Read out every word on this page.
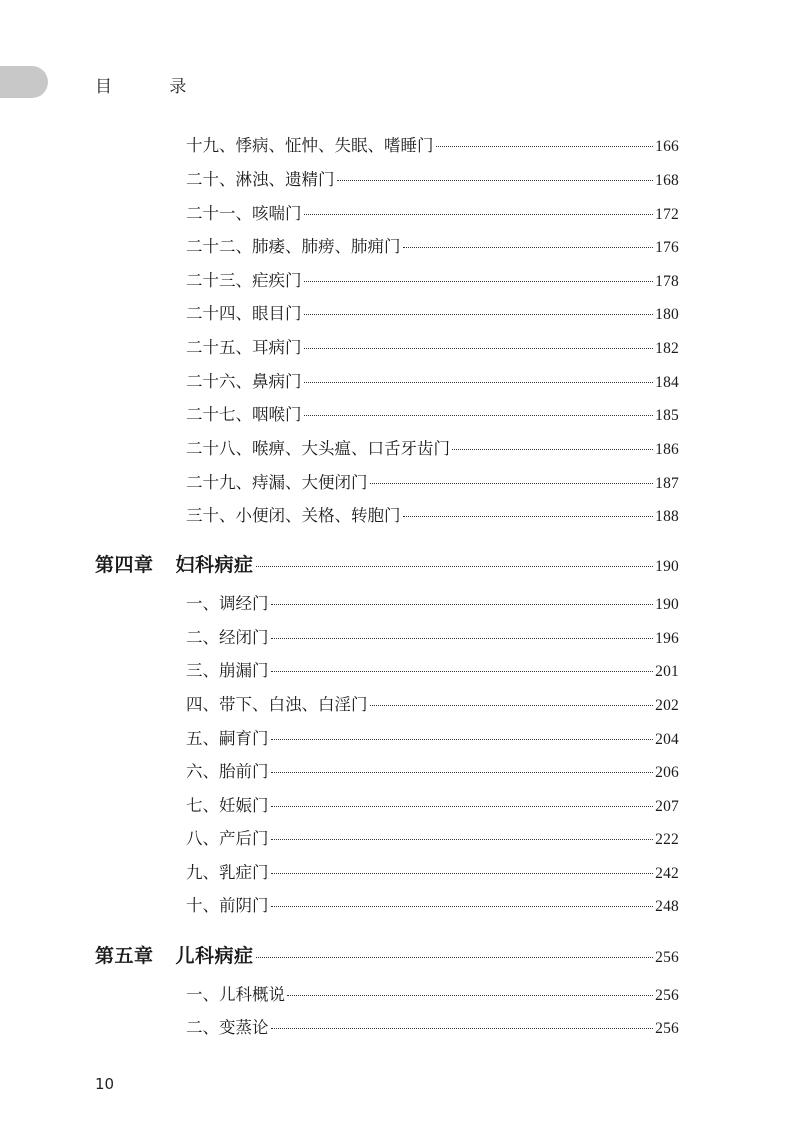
目 录
十九、悸病、怔忡、失眠、嗜睡门	166
二十、淋浊、遗精门	168
二十一、咳喘门	172
二十二、肺痿、肺痨、肺痈门	176
二十三、疟疾门	178
二十四、眼目门	180
二十五、耳病门	182
二十六、鼻病门	184
二十七、咽喉门	185
二十八、喉痹、大头瘟、口舌牙齿门	186
二十九、痔漏、大便闭门	187
三十、小便闭、关格、转胞门	188
第四章 妇科病症	190
一、调经门	190
二、经闭门	196
三、崩漏门	201
四、带下、白浊、白淫门	202
五、嗣育门	204
六、胎前门	206
七、妊娠门	207
八、产后门	222
九、乳症门	242
十、前阴门	248
第五章 儿科病症	256
一、儿科概说	256
二、变蒸论	256
10
